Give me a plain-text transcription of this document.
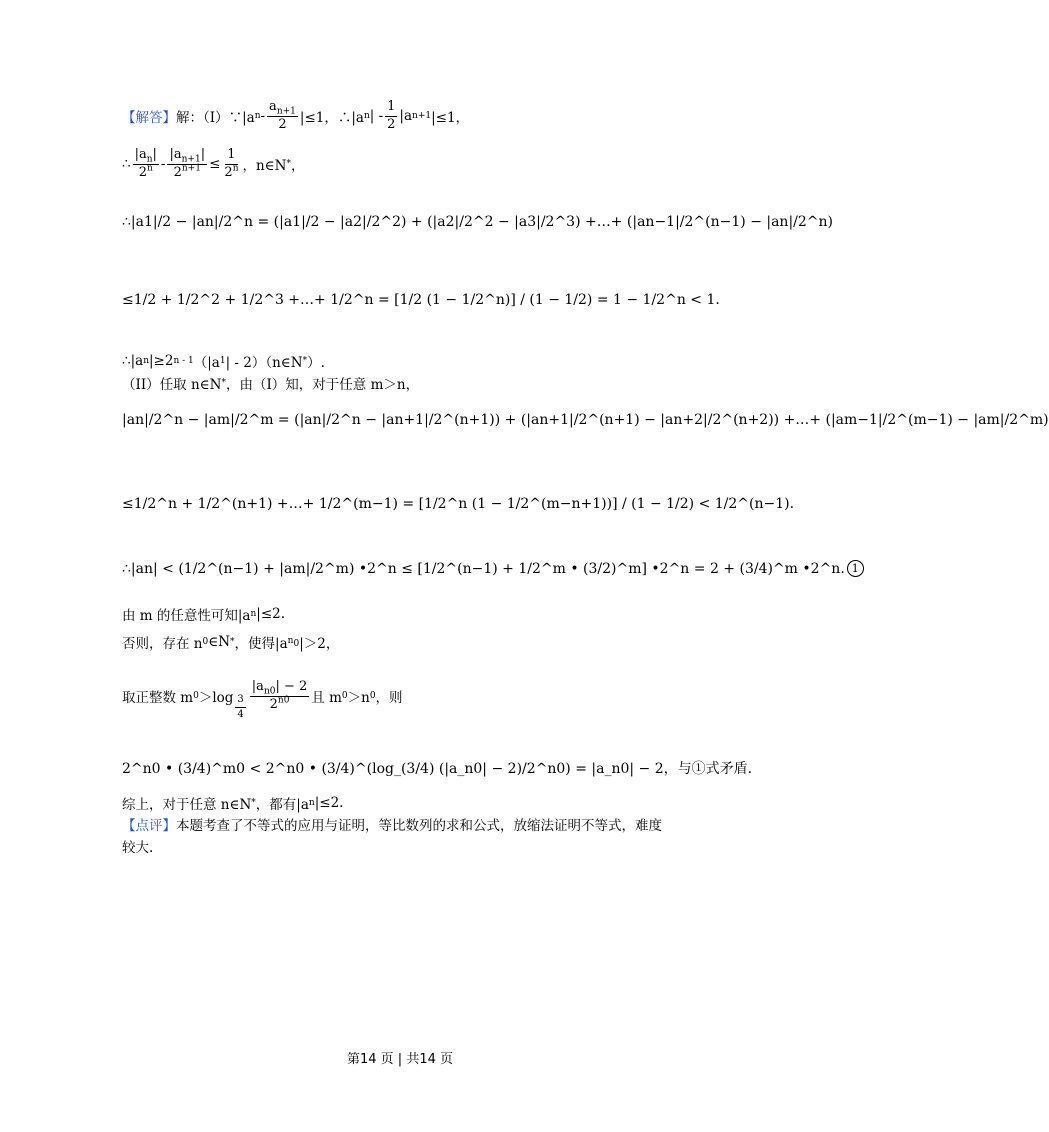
【解答】 解：（I）∵|a n -
$a_{n+1}$
2 |≤1，∴|a n | - $\frac{1}{2} |a$ n+1 |≤1，
∴
$|a_n|$
$2^n - \frac{|a_{n+1}|}{2^{n+1}} \le \frac{1}{2^n}$ ，n∈N * ，
∴|a1|/2 − |an|/2^n = (|a1|/2 − |a2|/2^2) + (|a2|/2^2 − |a3|/2^3) +…+ (|an−1|/2^(n−1) − |an|/2^n)
≤1/2 + 1/2^2 + 1/2^3 +…+ 1/2^n = [1/2 (1 − 1/2^n)] / (1 − 1/2) = 1 − 1/2^n < 1.
∴|a n |≥2 n - 1 （|a 1 | - 2）（n∈N * ）.
（II）任取 n∈N * ，由（I）知，对于任意 m＞n，
|an|/2^n − |am|/2^m = (|an|/2^n − |an+1|/2^(n+1)) + (|an+1|/2^(n+1) − |an+2|/2^(n+2)) +…+ (|am−1|/2^(m−1) − |am|/2^m)
≤1/2^n + 1/2^(n+1) +…+ 1/2^(m−1) = [1/2^n (1 − 1/2^(m−n+1))] / (1 − 1/2) < 1/2^(n−1).
∴|an| < (1/2^(n−1) + |am|/2^m) •2^n ≤ [1/2^(n−1) + 1/2^m • (3/2)^m] •2^n = 2 + (3/4)^m •2^n. 1
由 m 的任意性可知|a n |≤2.
否则，存在 n 0 ∈N * ，使得|a $n_0$ |＞2，
取正整数 m $0 >\log \frac{3}{4}$
$|a_{n0}| - 2$
$2^{n0}$ 且 m 0 ＞n 0 ，则
2^n0 • (3/4)^m0 < 2^n0 • (3/4)^(log_(3/4) (|a_n0| − 2)/2^n0) = |a_n0| − 2，与①式矛盾.
综上，对于任意 n∈N * ，都有|a n |≤2.
【点评】 本题考查了不等式的应用与证明，等比数列的求和公式，放缩法证明不等式，难度
较大.
第14 页 | 共14 页
